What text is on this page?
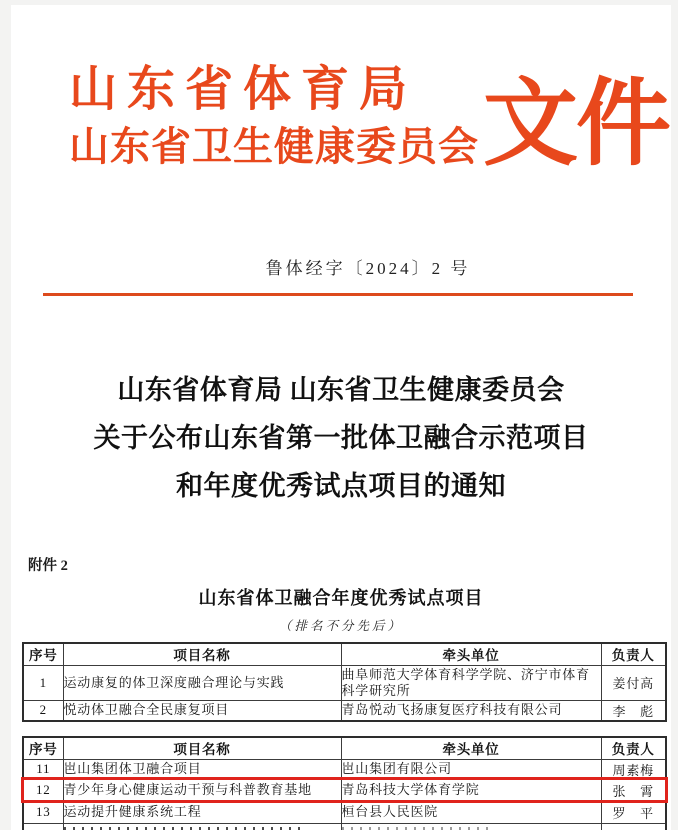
山东省体育局
山东省卫生健康委员会 文件
鲁体经字〔2024〕2 号
山东省体育局 山东省卫生健康委员会
关于公布山东省第一批体卫融合示范项目
和年度优秀试点项目的通知
附件 2
山东省体卫融合年度优秀试点项目
（排名不分先后）
序号	项目名称	牵头单位	负责人
1	运动康复的体卫深度融合理论与实践	曲阜师范大学体育科学学院、济宁市体育科学研究所	姜付高
2	悦动体卫融合全民康复项目	青岛悦动飞扬康复医疗科技有限公司	李　彪
序号	项目名称	牵头单位	负责人
11	岜山集团体卫融合项目	岜山集团有限公司	周素梅
12	青少年身心健康运动干预与科普教育基地	青岛科技大学体育学院	张　霄
13	运动提升健康系统工程	桓台县人民医院	罗　平
